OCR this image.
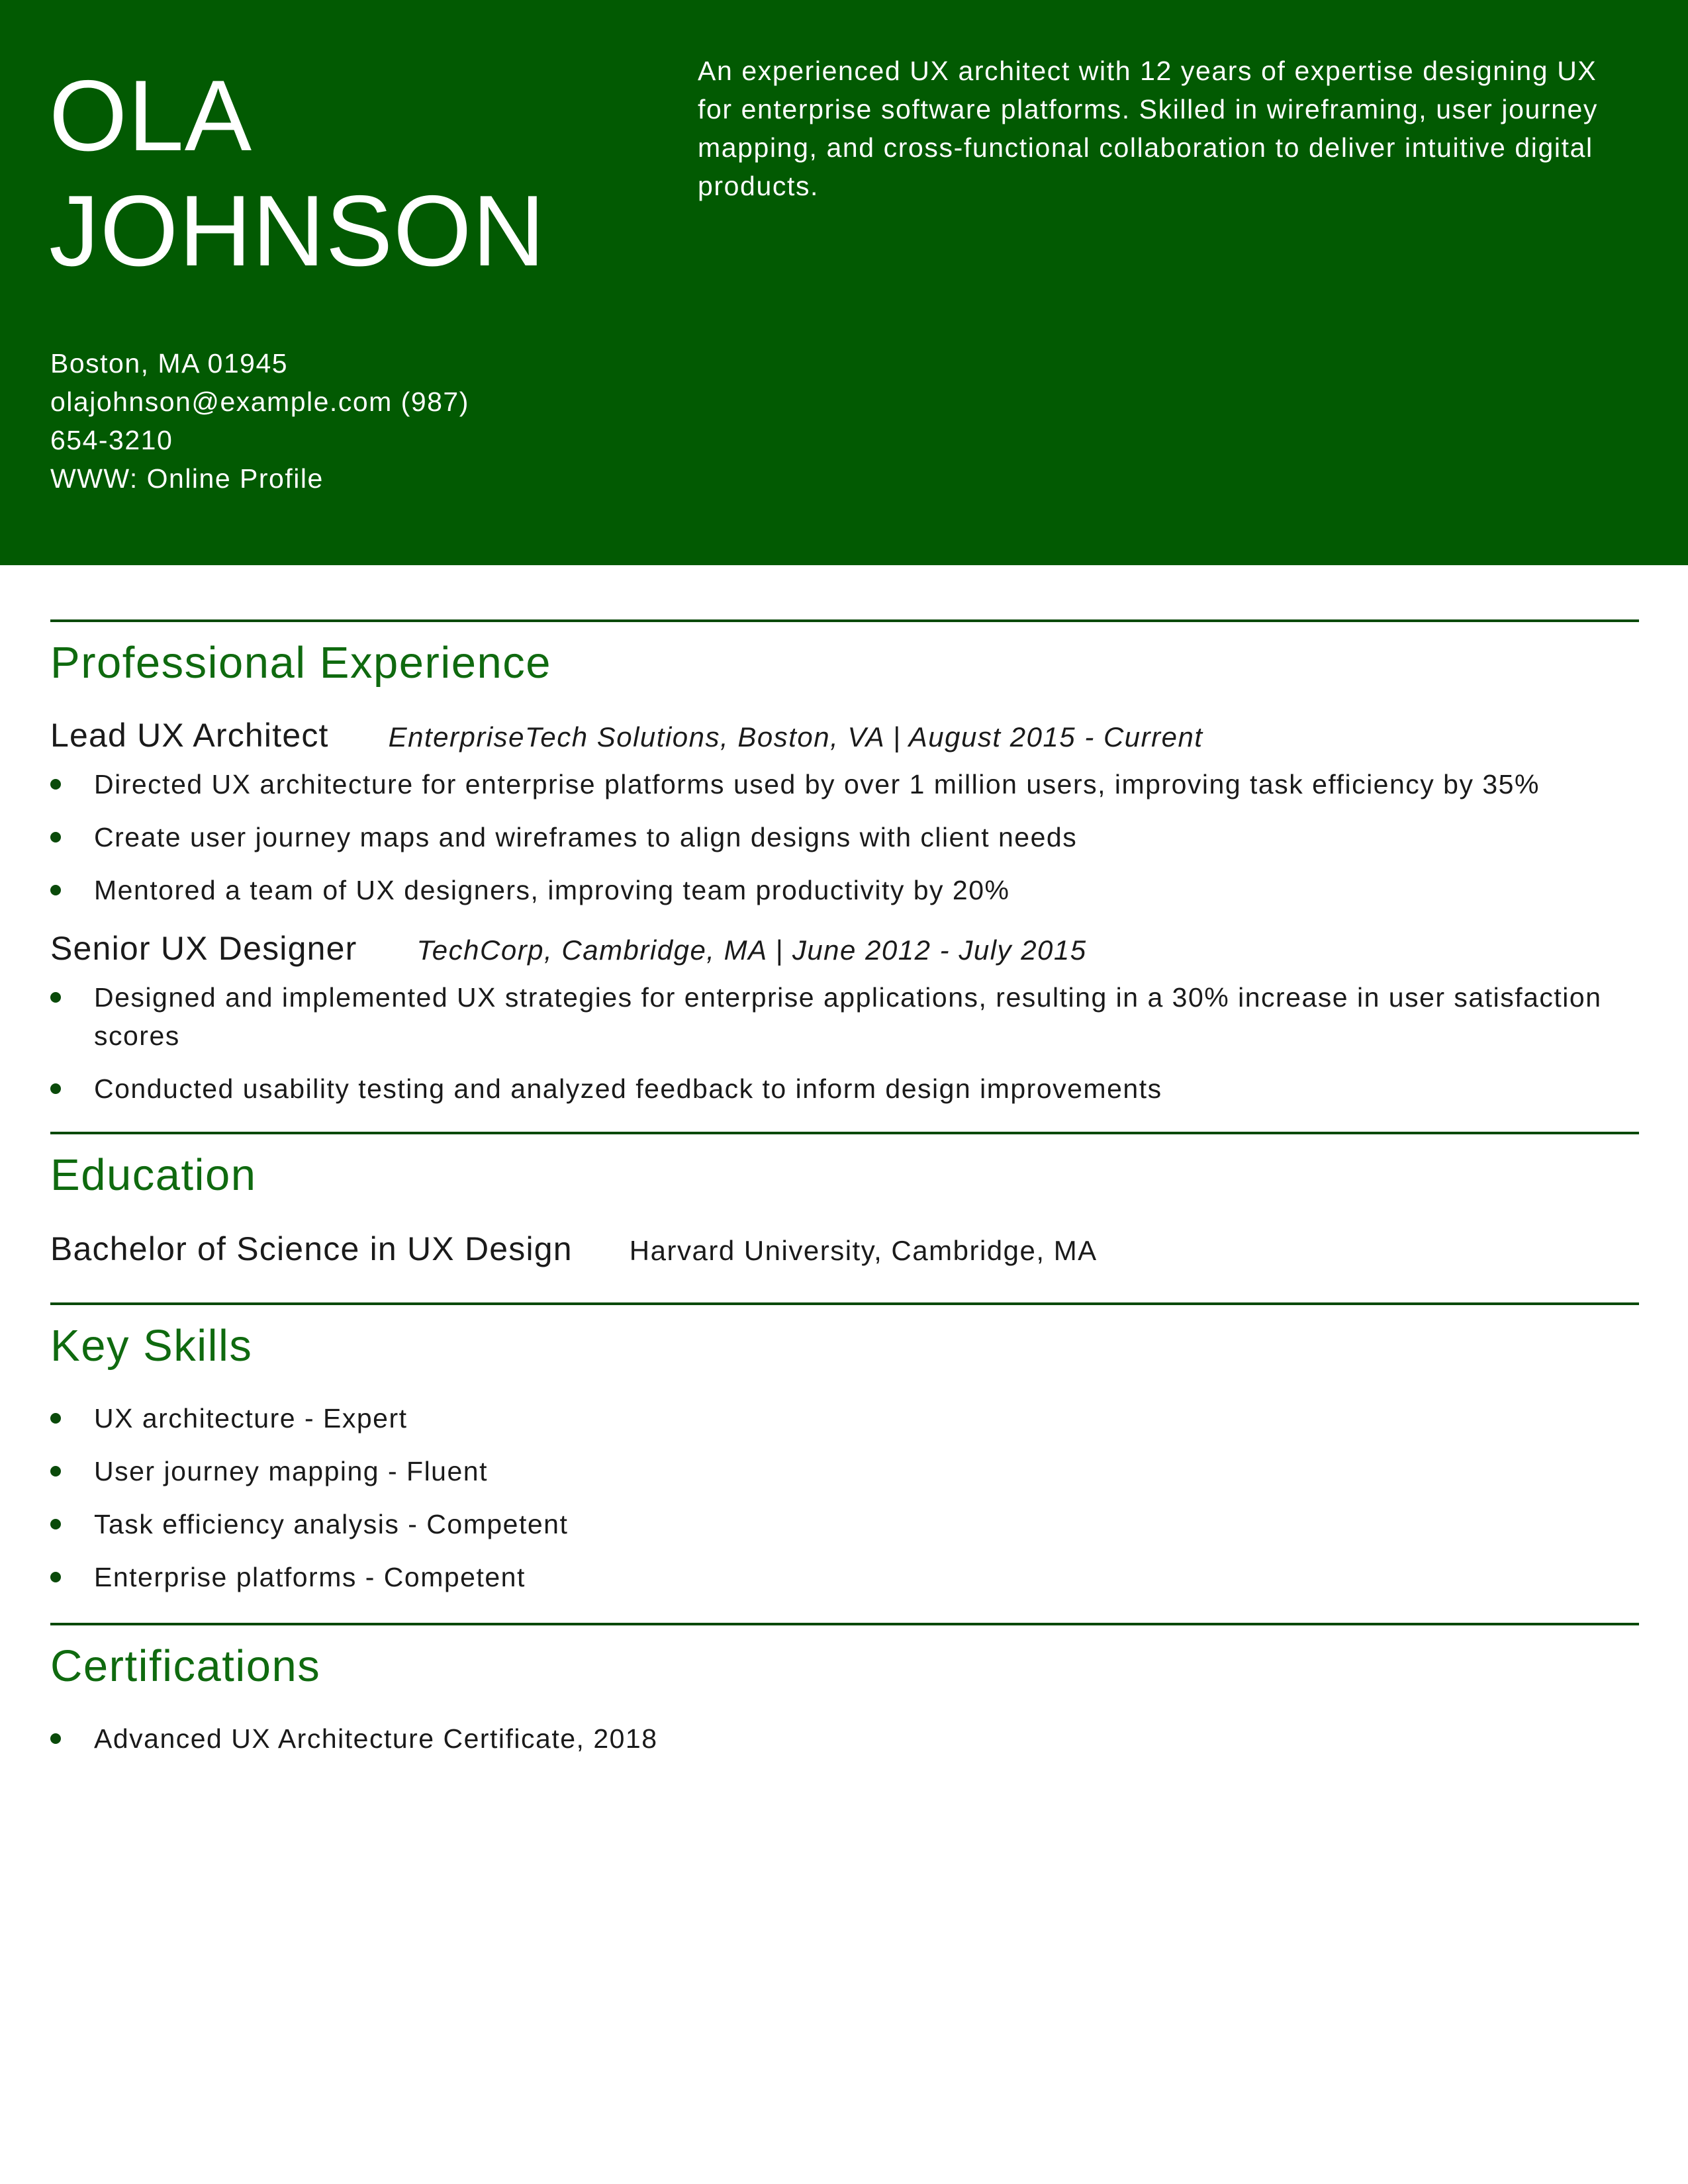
OLA
JOHNSON
Boston, MA 01945
olajohnson@example.com (987)
654-3210
WWW: Online Profile

An experienced UX architect with 12 years of expertise designing UX for enterprise software platforms. Skilled in wireframing, user journey mapping, and cross-functional collaboration to deliver intuitive digital products.

Professional Experience
Lead UX Architect EnterpriseTech Solutions, Boston, VA | August 2015 - Current
Directed UX architecture for enterprise platforms used by over 1 million users, improving task efficiency by 35%
Create user journey maps and wireframes to align designs with client needs
Mentored a team of UX designers, improving team productivity by 20%
Senior UX Designer TechCorp, Cambridge, MA | June 2012 - July 2015
Designed and implemented UX strategies for enterprise applications, resulting in a 30% increase in user satisfaction scores
Conducted usability testing and analyzed feedback to inform design improvements
Education
Bachelor of Science in UX Design Harvard University, Cambridge, MA
Key Skills
UX architecture - Expert
User journey mapping - Fluent
Task efficiency analysis - Competent
Enterprise platforms - Competent
Certifications
Advanced UX Architecture Certificate, 2018
